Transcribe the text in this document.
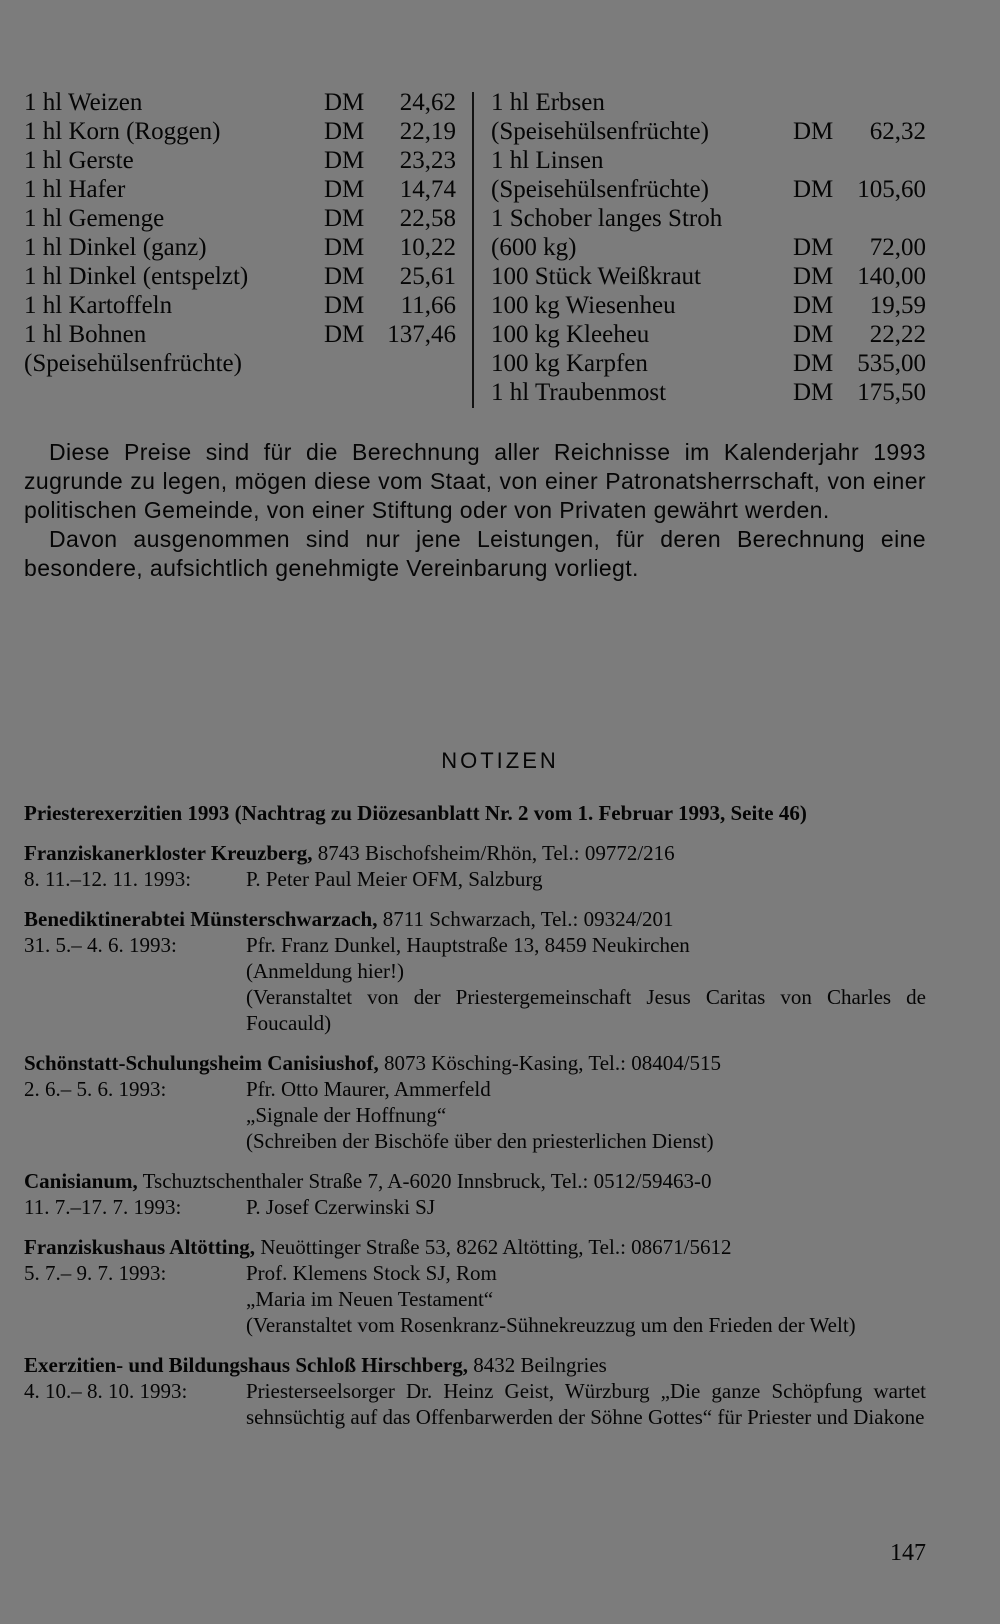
1 hl Weizen	DM 24,62
1 hl Korn (Roggen)	DM 22,19
1 hl Gerste	DM 23,23
1 hl Hafer	DM 14,74
1 hl Gemenge	DM 22,58
1 hl Dinkel (ganz)	DM 10,22
1 hl Dinkel (entspelzt)	DM 25,61
1 hl Kartoffeln	DM 11,66
1 hl Bohnen	DM 137,46
(Speisehülsenfrüchte)
1 hl Erbsen
(Speisehülsenfrüchte)	DM 62,32
1 hl Linsen
(Speisehülsenfrüchte)	DM 105,60
1 Schober langes Stroh
(600 kg)	DM 72,00
100 Stück Weißkraut	DM 140,00
100 kg Wiesenheu	DM 19,59
100 kg Kleeheu	DM 22,22
100 kg Karpfen	DM 535,00
1 hl Traubenmost	DM 175,50

Diese Preise sind für die Berechnung aller Reichnisse im Kalenderjahr 1993 zugrunde zu legen, mögen diese vom Staat, von einer Patronatsherrschaft, von einer politischen Gemeinde, von einer Stiftung oder von Privaten gewährt werden.

Davon ausgenommen sind nur jene Leistungen, für deren Berechnung eine besondere, aufsichtlich genehmigte Vereinbarung vorliegt.

NOTIZEN
Priesterexerzitien 1993 (Nachtrag zu Diözesanblatt Nr. 2 vom 1. Februar 1993, Seite 46)
Franziskanerkloster Kreuzberg, 8743 Bischofsheim/Rhön, Tel.: 09772/216
8. 11.–12. 11. 1993:	P. Peter Paul Meier OFM, Salzburg
Benediktinerabtei Münsterschwarzach, 8711 Schwarzach, Tel.: 09324/201
31. 5.– 4. 6. 1993:	Pfr. Franz Dunkel, Hauptstraße 13, 8459 Neukirchen
(Anmeldung hier!)
(Veranstaltet von der Priestergemeinschaft Jesus Caritas von Charles de Foucauld)
Schönstatt-Schulungsheim Canisiushof, 8073 Kösching-Kasing, Tel.: 08404/515
2. 6.– 5. 6. 1993:	Pfr. Otto Maurer, Ammerfeld
„Signale der Hoffnung“
(Schreiben der Bischöfe über den priesterlichen Dienst)
Canisianum, Tschuztschenthaler Straße 7, A-6020 Innsbruck, Tel.: 0512/59463-0
11. 7.–17. 7. 1993:	P. Josef Czerwinski SJ
Franziskushaus Altötting, Neuöttinger Straße 53, 8262 Altötting, Tel.: 08671/5612
5. 7.– 9. 7. 1993:	Prof. Klemens Stock SJ, Rom
„Maria im Neuen Testament“
(Veranstaltet vom Rosenkranz-Sühnekreuzzug um den Frieden der Welt)
Exerzitien- und Bildungshaus Schloß Hirschberg, 8432 Beilngries
4. 10.– 8. 10. 1993:	Priesterseelsorger Dr. Heinz Geist, Würzburg „Die ganze Schöpfung wartet sehnsüchtig auf das Offenbarwerden der Söhne Gottes“ für Priester und Diakone
147
